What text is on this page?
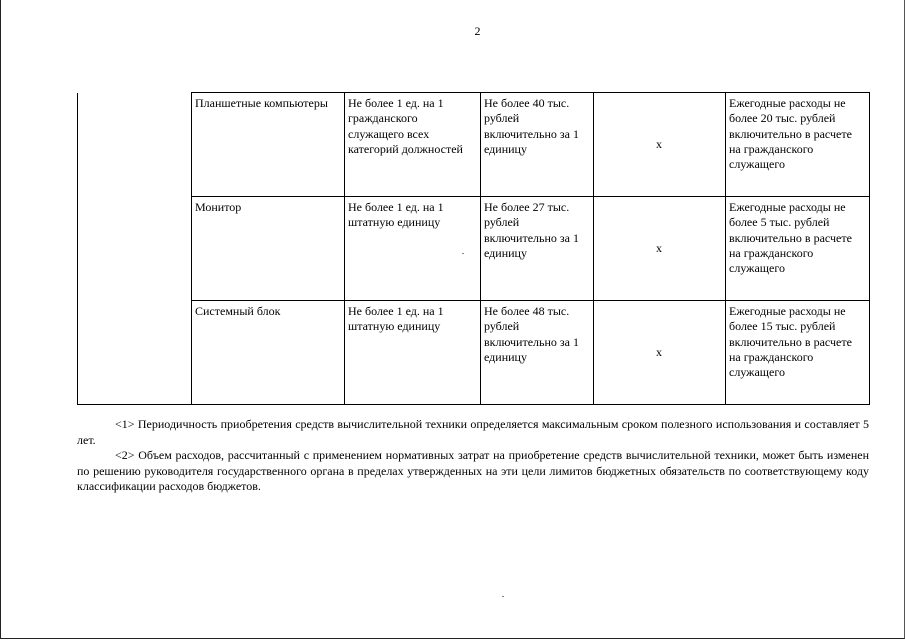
2
	Планшетные компьютеры	Не более 1 ед. на 1 гражданского служащего всех категорий должностей	Не более 40 тыс. рублей включительно за 1 единицу	x	Ежегодные расходы не более 20 тыс. рублей включительно в расчете на гражданского служащего
	Монитор	Не более 1 ед. на 1 штатную единицу	Не более 27 тыс. рублей включительно за 1 единицу	x	Ежегодные расходы не более 5 тыс. рублей включительно в расчете на гражданского служащего
	Системный блок	Не более 1 ед. на 1 штатную единицу	Не более 48 тыс. рублей включительно за 1 единицу	x	Ежегодные расходы не более 15 тыс. рублей включительно в расчете на гражданского служащего

<1> Периодичность приобретения средств вычислительной техники определяется максимальным сроком полезного использования и составляет 5 лет.

<2> Объем расходов, рассчитанный с применением нормативных затрат на приобретение средств вычислительной техники, может быть изменен по решению руководителя государственного органа в пределах утвержденных на эти цели лимитов бюджетных обязательств по соответствующему коду классификации расходов бюджетов.
